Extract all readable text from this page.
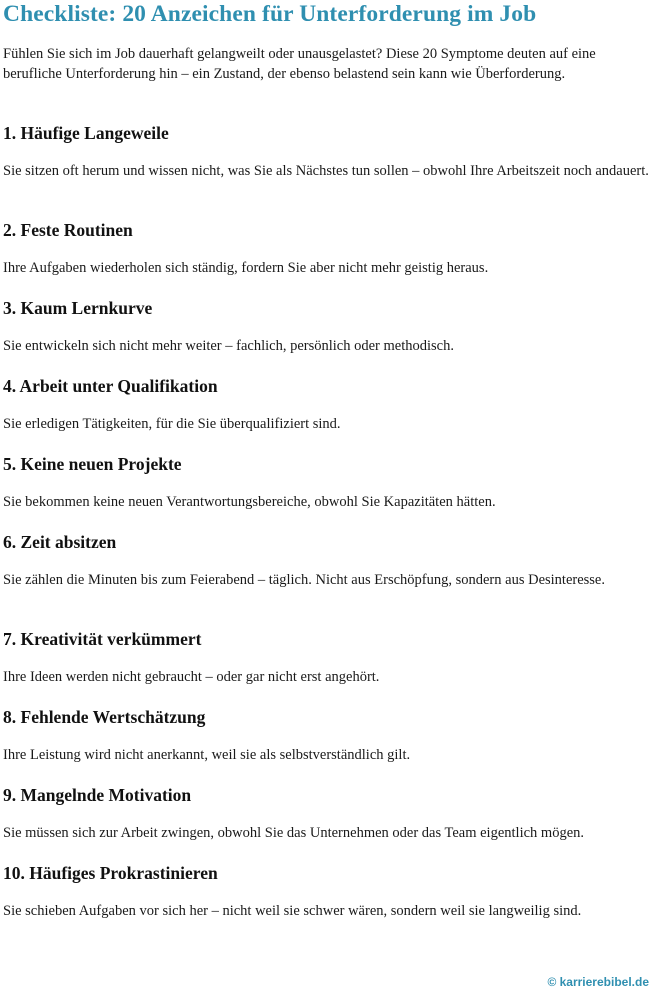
Checkliste: 20 Anzeichen für Unterforderung im Job

Fühlen Sie sich im Job dauerhaft gelangweilt oder unausgelastet? Diese 20 Symptome deuten auf eine berufliche Unterforderung hin – ein Zustand, der ebenso belastend sein kann wie Überforderung.

1. Häufige Langeweile

Sie sitzen oft herum und wissen nicht, was Sie als Nächstes tun sollen – obwohl Ihre Arbeitszeit noch andauert.

2. Feste Routinen

Ihre Aufgaben wiederholen sich ständig, fordern Sie aber nicht mehr geistig heraus.

3. Kaum Lernkurve

Sie entwickeln sich nicht mehr weiter – fachlich, persönlich oder methodisch.

4. Arbeit unter Qualifikation

Sie erledigen Tätigkeiten, für die Sie überqualifiziert sind.

5. Keine neuen Projekte

Sie bekommen keine neuen Verantwortungsbereiche, obwohl Sie Kapazitäten hätten.

6. Zeit absitzen

Sie zählen die Minuten bis zum Feierabend – täglich. Nicht aus Erschöpfung, sondern aus Desinteresse.

7. Kreativität verkümmert

Ihre Ideen werden nicht gebraucht – oder gar nicht erst angehört.

8. Fehlende Wertschätzung

Ihre Leistung wird nicht anerkannt, weil sie als selbstverständlich gilt.

9. Mangelnde Motivation

Sie müssen sich zur Arbeit zwingen, obwohl Sie das Unternehmen oder das Team eigentlich mögen.

10. Häufiges Prokrastinieren

Sie schieben Aufgaben vor sich her – nicht weil sie schwer wären, sondern weil sie langweilig sind.

© karrierebibel.de
